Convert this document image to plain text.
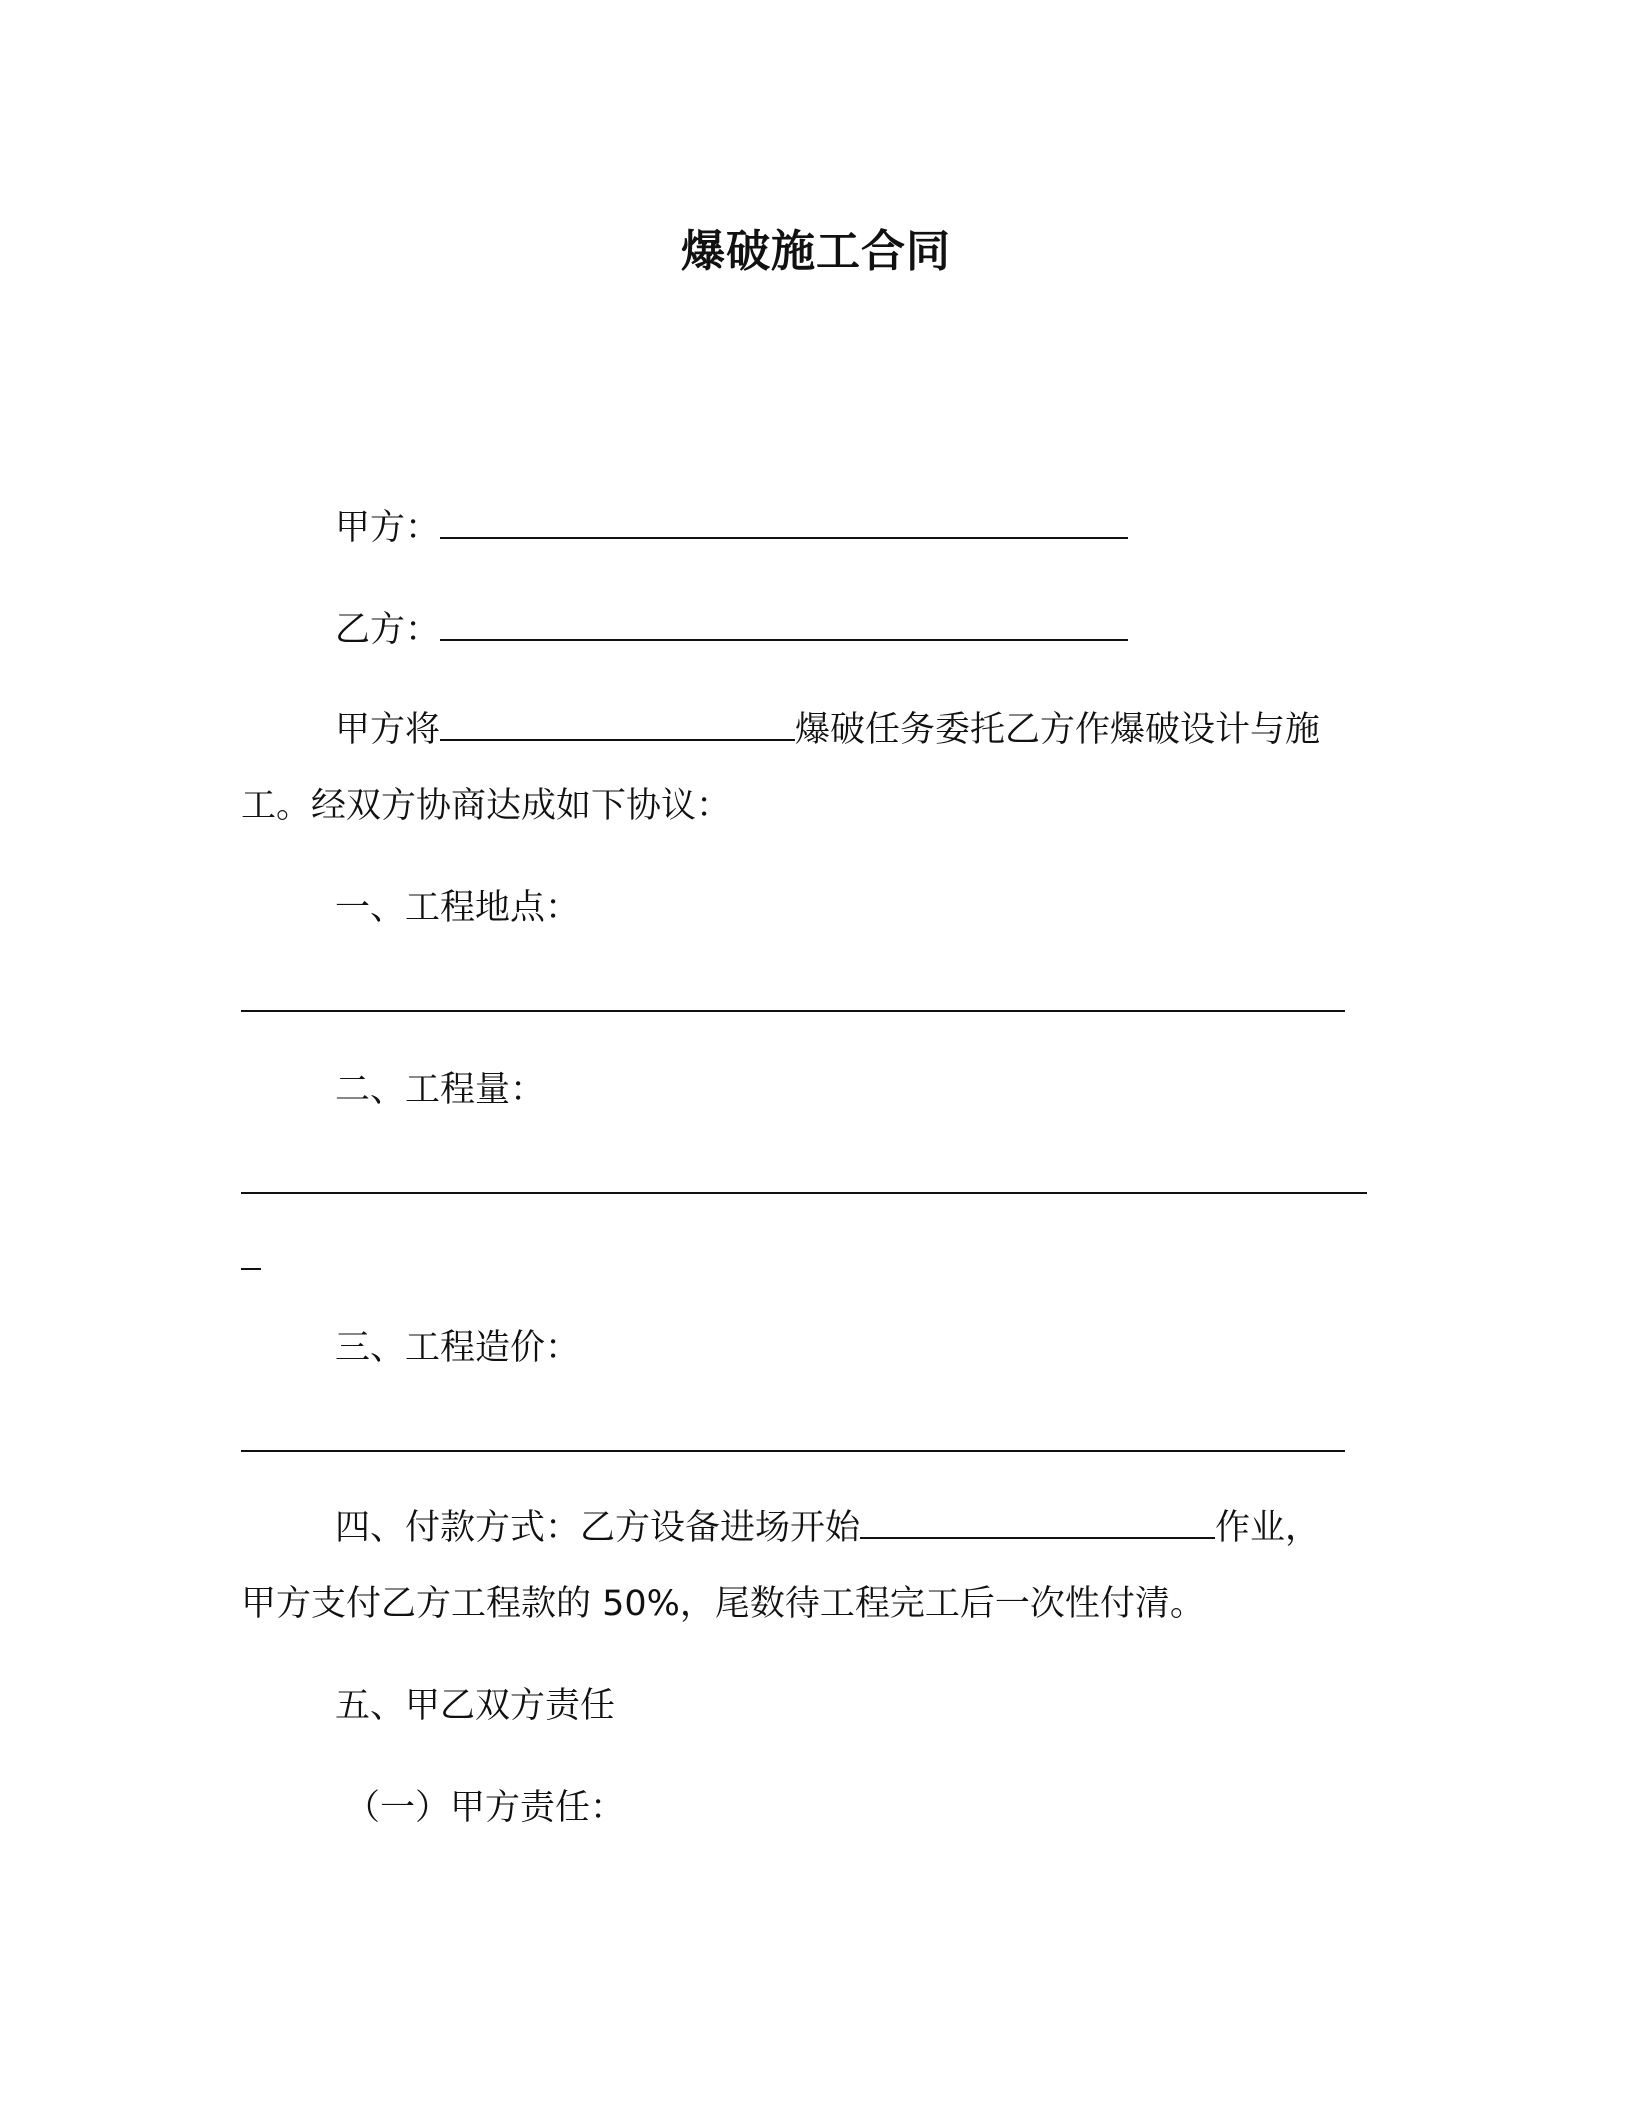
爆破施工合同
甲方：
乙方：
甲方将	爆破任务委托乙方作爆破设计与施
工。经双方协商达成如下协议：
一、工程地点：
二、工程量：
三、工程造价：
四、付款方式：乙方设备进场开始	作业，
甲方支付乙方工程款的 50%，尾数待工程完工后一次性付清。
五、甲乙双方责任
（一）甲方责任：
